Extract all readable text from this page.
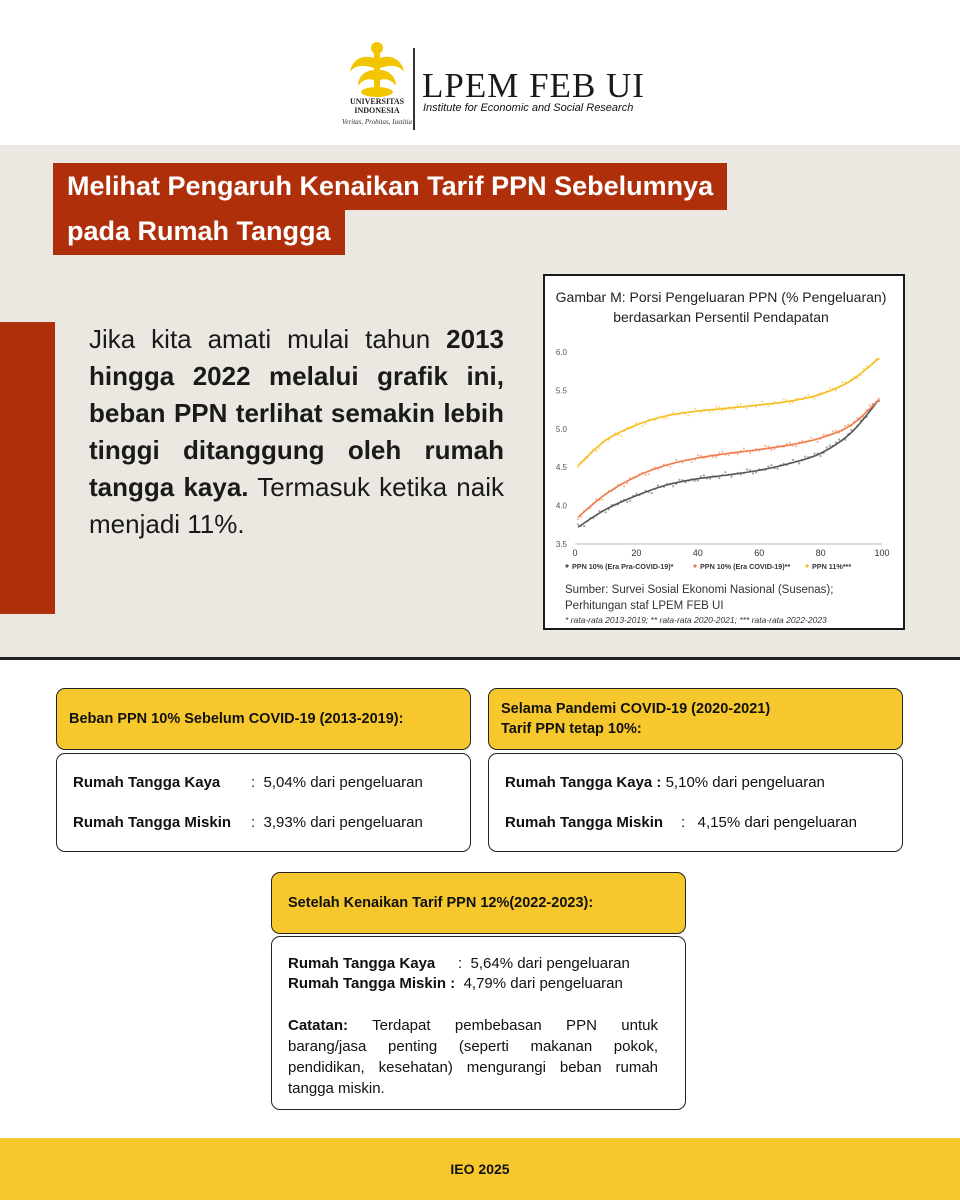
UNIVERSITAS
INDONESIA
Veritas, Probitas, Iustitia
LPEM FEB UI
Institute for Economic and Social Research
Melihat Pengaruh Kenaikan Tarif PPN Sebelumnya
pada Rumah Tangga
Jika kita amati mulai tahun 2013 hingga 2022 melalui grafik ini, beban PPN terlihat semakin lebih tinggi ditanggung oleh rumah tangga kaya. Termasuk ketika naik menjadi 11%.
Gambar M: Porsi Pengeluaran PPN (% Pengeluaran)
berdasarkan Persentil Pendapatan
3.5
4.0
4.5
5.0
5.5
6.0
0	20	40	60	80	100
PPN 10% (Era Pra-COVID-19)*	PPN 10% (Era COVID-19)**	PPN 11%***
Sumber: Survei Sosial Ekonomi Nasional (Susenas);
Perhitungan staf LPEM FEB UI
* rata-rata 2013-2019; ** rata-rata 2020-2021; *** rata-rata 2022-2023
Beban PPN 10% Sebelum COVID-19 (2013-2019):
Rumah Tangga Kaya :  5,04% dari pengeluaran
Rumah Tangga Miskin :  3,93% dari pengeluaran
Selama Pandemi COVID-19 (2020-2021)
Tarif PPN tetap 10%:
Rumah Tangga Kaya : 5,10% dari pengeluaran
Rumah Tangga Miskin :   4,15% dari pengeluaran
Setelah Kenaikan Tarif PPN 12%(2022-2023):
Rumah Tangga Kaya :  5,64% dari pengeluaran
Rumah Tangga Miskin : 4,79% dari pengeluaran
Catatan: Terdapat pembebasan PPN untuk barang/jasa penting (seperti makanan pokok, pendidikan, kesehatan) mengurangi beban rumah tangga miskin.
IEO 2025
